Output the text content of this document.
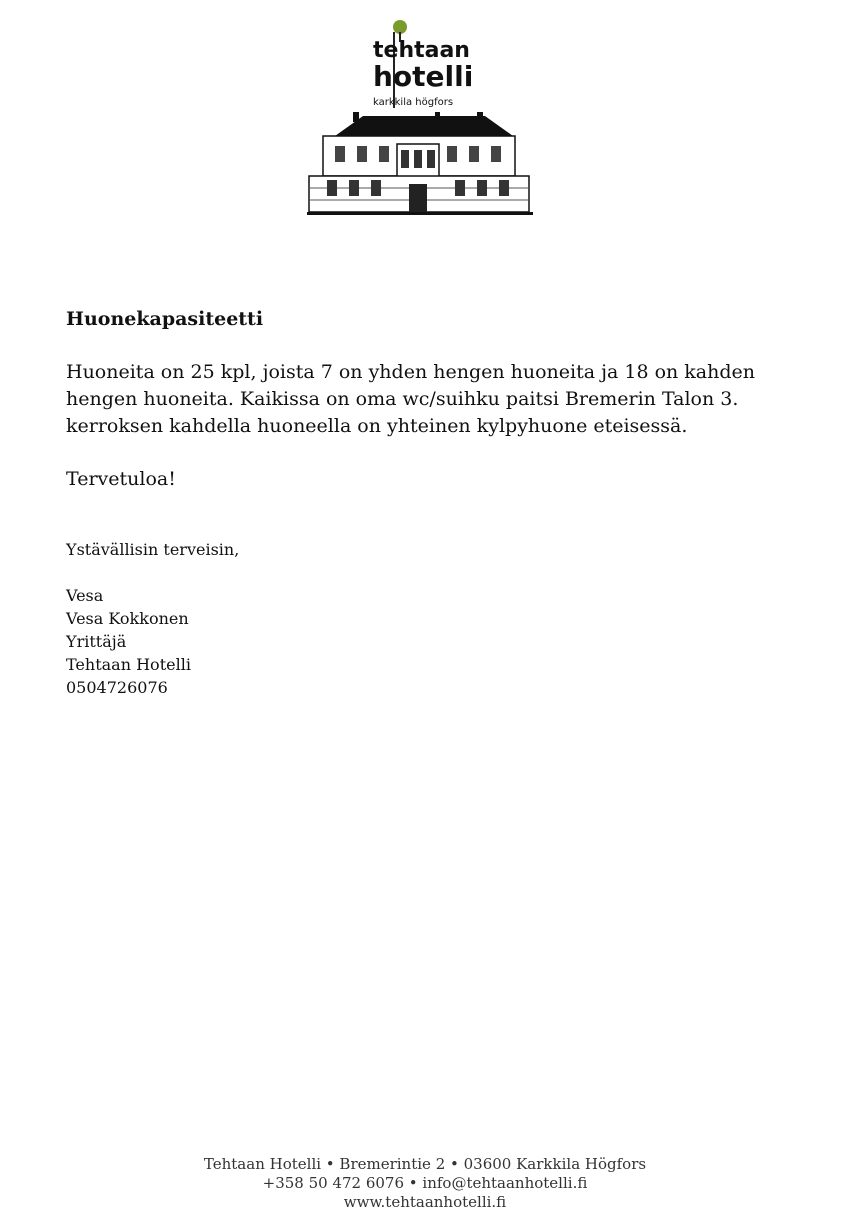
tehtaan
hotelli
karkkila högfors
Huonekapasiteetti

Huoneita on 25 kpl, joista 7 on yhden hengen huoneita ja 18 on kahden
hengen huoneita. Kaikissa on oma wc/suihku paitsi Bremerin Talon 3.
kerroksen kahdella huoneella on yhteinen kylpyhuone eteisessä.

Tervetuloa!

Ystävällisin terveisin,

Vesa

Vesa Kokkonen

Yrittäjä

Tehtaan Hotelli

0504726076

Tehtaan Hotelli • Bremerintie 2 • 03600 Karkkila Högfors
+358 50 472 6076 • info@tehtaanhotelli.fi
www.tehtaanhotelli.fi
